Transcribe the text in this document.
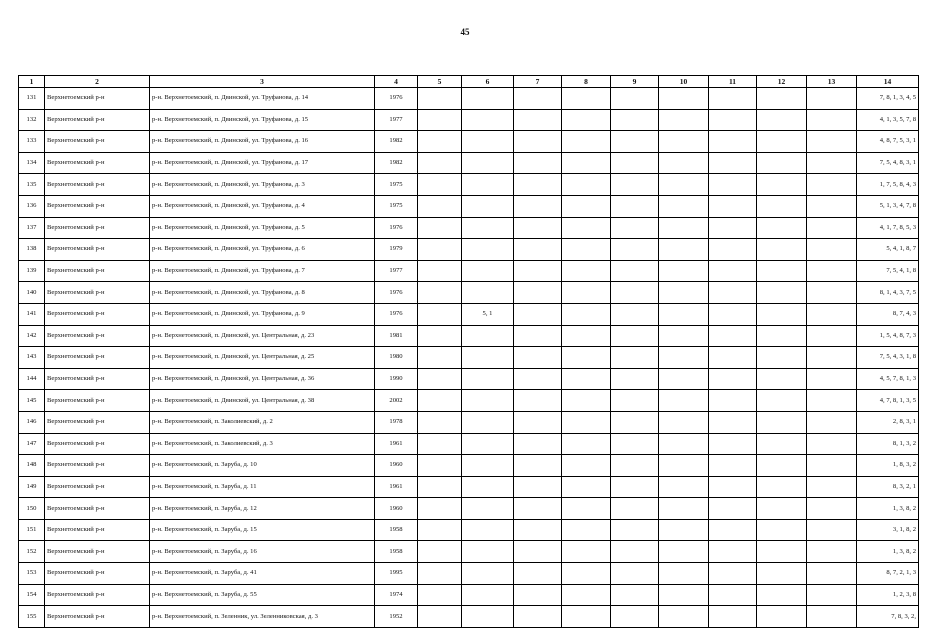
45
1	2	3	4	5	6	7	8	9	10	11	12	13	14
131	Верхнетоемский р-н	р-н. Верхнетоемский, п. Двинской, ул. Труфанова, д. 14	1976										7, 8, 1, 3, 4, 5
132	Верхнетоемский р-н	р-н. Верхнетоемский, п. Двинской, ул. Труфанова, д. 15	1977										4, 1, 3, 5, 7, 8
133	Верхнетоемский р-н	р-н. Верхнетоемский, п. Двинской, ул. Труфанова, д. 16	1982										4, 8, 7, 5, 3, 1
134	Верхнетоемский р-н	р-н. Верхнетоемский, п. Двинской, ул. Труфанова, д. 17	1982										7, 5, 4, 8, 3, 1
135	Верхнетоемский р-н	р-н. Верхнетоемский, п. Двинской, ул. Труфанова, д. 3	1975										1, 7, 5, 8, 4, 3
136	Верхнетоемский р-н	р-н. Верхнетоемский, п. Двинской, ул. Труфанова, д. 4	1975										5, 1, 3, 4, 7, 8
137	Верхнетоемский р-н	р-н. Верхнетоемский, п. Двинской, ул. Труфанова, д. 5	1976										4, 1, 7, 8, 5, 3
138	Верхнетоемский р-н	р-н. Верхнетоемский, п. Двинской, ул. Труфанова, д. 6	1979										5, 4, 1, 8, 7
139	Верхнетоемский р-н	р-н. Верхнетоемский, п. Двинской, ул. Труфанова, д. 7	1977										7, 5, 4, 1, 8
140	Верхнетоемский р-н	р-н. Верхнетоемский, п. Двинской, ул. Труфанова, д. 8	1976										8, 1, 4, 3, 7, 5
141	Верхнетоемский р-н	р-н. Верхнетоемский, п. Двинской, ул. Труфанова, д. 9	1976		5, 1								8, 7, 4, 3
142	Верхнетоемский р-н	р-н. Верхнетоемский, п. Двинской, ул. Центральная, д. 23	1981										1, 5, 4, 8, 7, 3
143	Верхнетоемский р-н	р-н. Верхнетоемский, п. Двинской, ул. Центральная, д. 25	1980										7, 5, 4, 3, 1, 8
144	Верхнетоемский р-н	р-н. Верхнетоемский, п. Двинской, ул. Центральная, д. 36	1990										4, 5, 7, 8, 1, 3
145	Верхнетоемский р-н	р-н. Верхнетоемский, п. Двинской, ул. Центральная, д. 38	2002										4, 7, 8, 1, 3, 5
146	Верхнетоемский р-н	р-н. Верхнетоемский, п. Заколиевский, д. 2	1978										2, 8, 3, 1
147	Верхнетоемский р-н	р-н. Верхнетоемский, п. Заколиевский, д. 3	1961										8, 1, 3, 2
148	Верхнетоемский р-н	р-н. Верхнетоемский, п. Заруба, д. 10	1960										1, 8, 3, 2
149	Верхнетоемский р-н	р-н. Верхнетоемский, п. Заруба, д. 11	1961										8, 3, 2, 1
150	Верхнетоемский р-н	р-н. Верхнетоемский, п. Заруба, д. 12	1960										1, 3, 8, 2
151	Верхнетоемский р-н	р-н. Верхнетоемский, п. Заруба, д. 15	1958										3, 1, 8, 2
152	Верхнетоемский р-н	р-н. Верхнетоемский, п. Заруба, д. 16	1958										1, 3, 8, 2
153	Верхнетоемский р-н	р-н. Верхнетоемский, п. Заруба, д. 41	1995										8, 7, 2, 1, 3
154	Верхнетоемский р-н	р-н. Верхнетоемский, п. Заруба, д. 55	1974										1, 2, 3, 8
155	Верхнетоемский р-н	р-н. Верхнетоемский, п. Зеленник, ул. Зеленниковская, д. 3	1952										7, 8, 3, 2,
